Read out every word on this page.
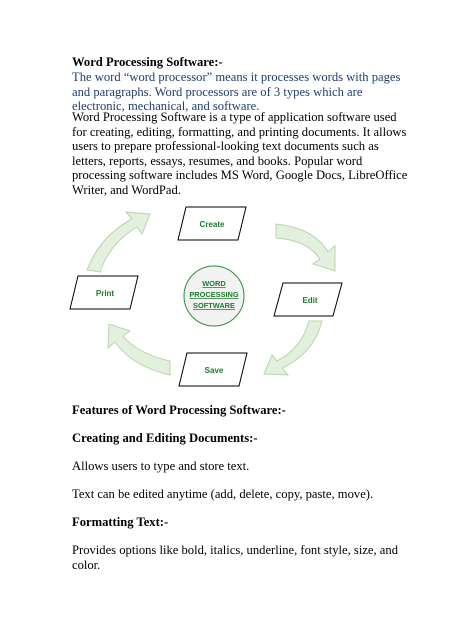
Word Processing Software:-
The word “word processor” means it processes words with pages and paragraphs. Word processors are of 3 types which are electronic, mechanical, and software.
Word Processing Software is a type of application software used for creating, editing, formatting, and printing documents. It allows users to prepare professional-looking text documents such as letters, reports, essays, resumes, and books. Popular word processing software includes MS Word, Google Docs, LibreOffice Writer, and WordPad.
Create
Edit
Save
Print
WORD
PROCESSING
SOFTWARE
Features of Word Processing Software:-
Creating and Editing Documents:-
Allows users to type and store text.
Text can be edited anytime (add, delete, copy, paste, move).
Formatting Text:-
Provides options like bold, italics, underline, font style, size, and color.
